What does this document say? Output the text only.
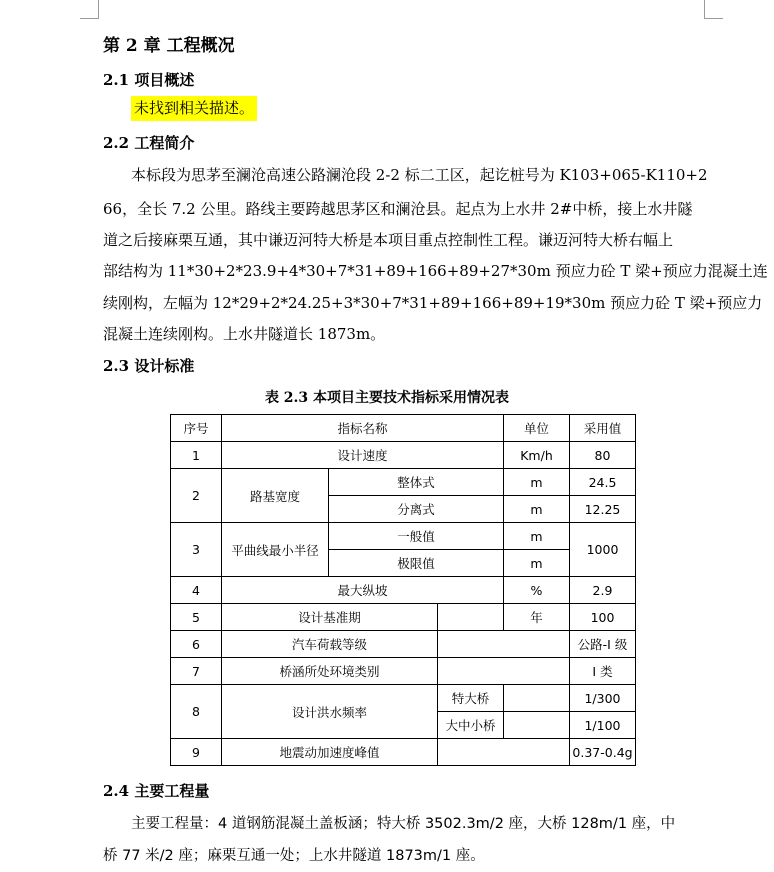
第 2 章 工程概况
2.1 项目概述
未找到相关描述。
2.2 工程简介
本标段为思茅至澜沧高速公路澜沧段 2-2 标二工区，起讫桩号为 K103+065-K110+2
66，全长 7.2 公里。路线主要跨越思茅区和澜沧县。起点为上水井 2#中桥，接上水井隧
道之后接麻栗互通，其中谦迈河特大桥是本项目重点控制性工程。谦迈河特大桥右幅上
部结构为 11*30+2*23.9+4*30+7*31+89+166+89+27*30m 预应力砼 T 梁+预应力混凝土连
续刚构，左幅为 12*29+2*24.25+3*30+7*31+89+166+89+19*30m 预应力砼 T 梁+预应力
混凝土连续刚构。上水井隧道长 1873m。
2.3 设计标准
表 2.3 本项目主要技术指标采用情况表
序号	指标名称			单位	采用值
1	设计速度			Km/h	80
2	路基宽度	整体式		m	24.5
		分离式		m	12.25
3	平曲线最小半径	一般值		m	1000
		极限值		m	
4	最大纵坡			%	2.9
5	设计基准期			年	100
6	汽车荷载等级				公路-I 级
7	桥涵所处环境类别				I 类
8	设计洪水频率		特大桥		1/300
			大中小桥		1/100
9	地震动加速度峰值				0.37-0.4g
2.4 主要工程量
主要工程量：4 道钢筋混凝土盖板涵；特大桥 3502.3m/2 座，大桥 128m/1 座，中
桥 77 米/2 座；麻栗互通一处；上水井隧道 1873m/1 座。
